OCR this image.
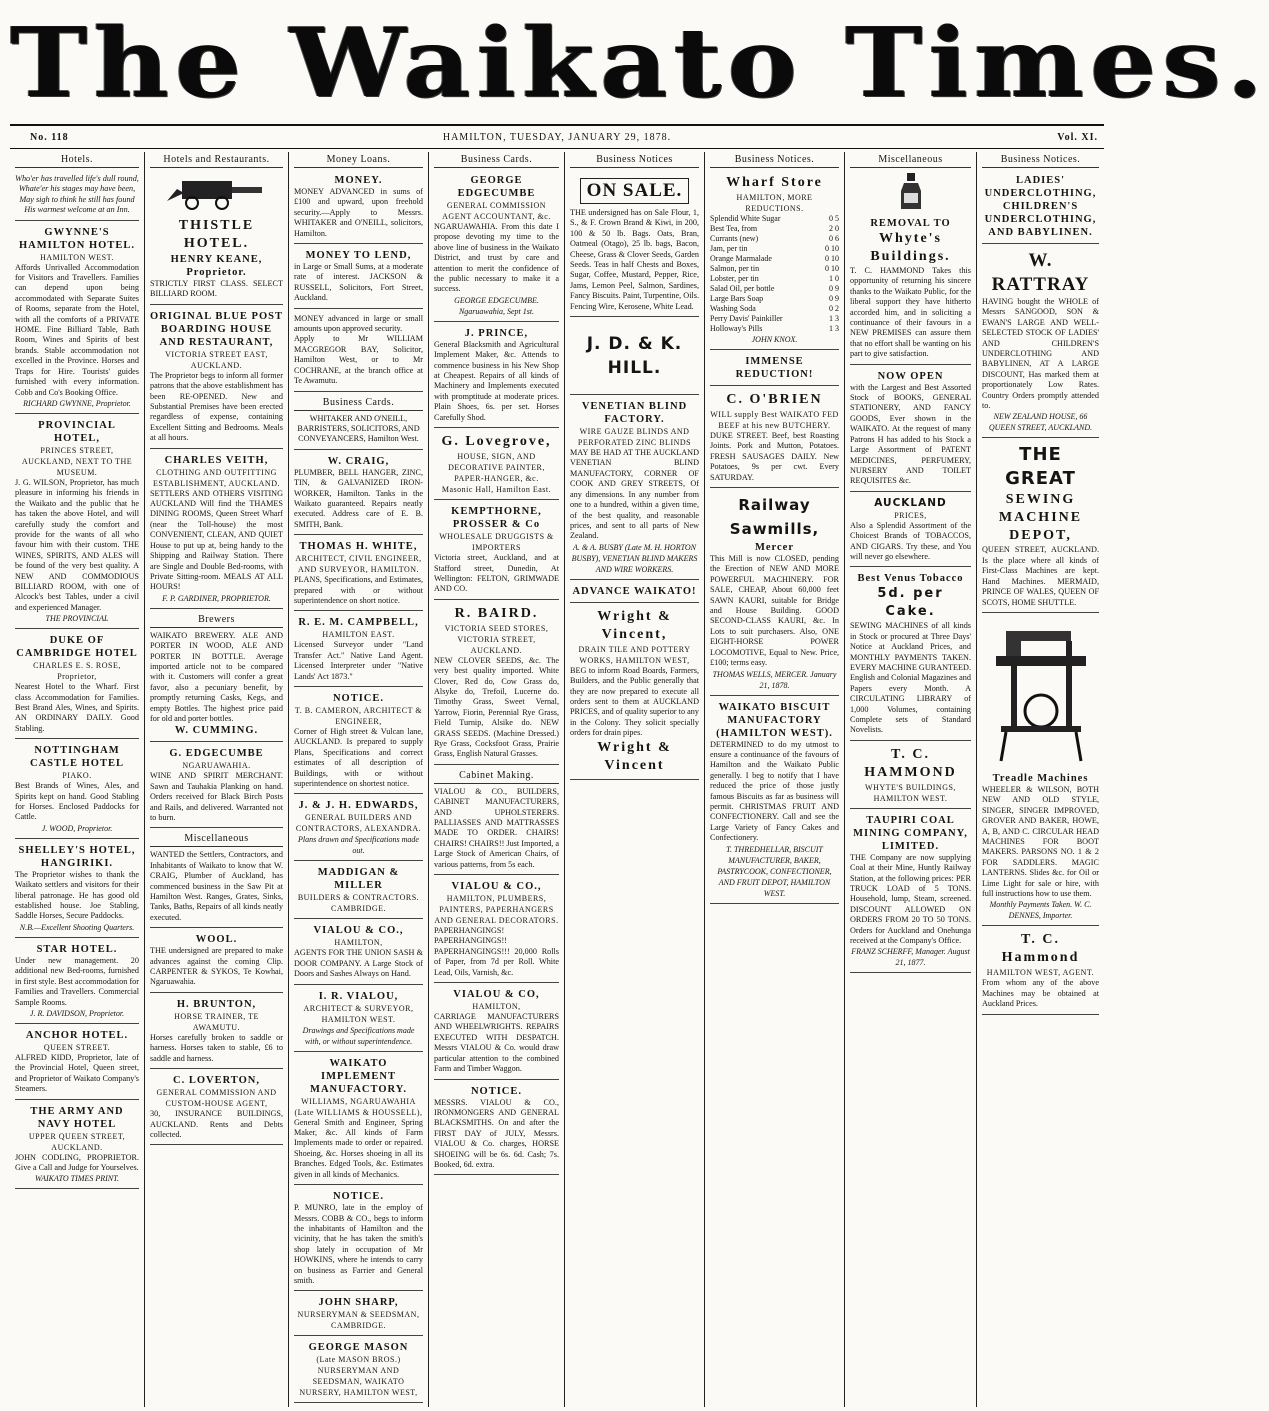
The Waikato Times.
No. 118	HAMILTON, TUESDAY, JANUARY 29, 1878.	Vol. XI.
Hotels.
Who'er has travelled life's dull round, Whate'er his stages may have been, May sigh to think he still has found His warmest welcome at an Inn.
GWYNNE'S HAMILTON HOTEL.
HAMILTON WEST.
Affords Unrivalled Accommodation for Visitors and Travellers. Families can depend upon being accommodated with Separate Suites of Rooms, separate from the Hotel, with all the comforts of a PRIVATE HOME. Fine Billiard Table, Bath Room, Wines and Spirits of best brands. Stable accommodation not excelled in the Province. Horses and Traps for Hire. Tourists' guides furnished with every information. Cobb and Co's Booking Office.
RICHARD GWYNNE, Proprietor.
PROVINCIAL HOTEL,
PRINCES STREET, AUCKLAND, NEXT TO THE MUSEUM.
J. G. WILSON, Proprietor, has much pleasure in informing his friends in the Waikato and the public that he has taken the above Hotel, and will carefully study the comfort and provide for the wants of all who favour him with their custom. THE WINES, SPIRITS, AND ALES will be found of the very best quality. A NEW AND COMMODIOUS BILLIARD ROOM, with one of Alcock's best Tables, under a civil and experienced Manager.
THE PROVINCIAL
DUKE OF CAMBRIDGE HOTEL
CHARLES E. S. ROSE, Proprietor,
Nearest Hotel to the Wharf. First class Accommodation for Families. Best Brand Ales, Wines, and Spirits. AN ORDINARY DAILY. Good Stabling.
NOTTINGHAM CASTLE HOTEL
PIAKO.
Best Brands of Wines, Ales, and Spirits kept on hand. Good Stabling for Horses. Enclosed Paddocks for Cattle.
J. WOOD, Proprietor.
SHELLEY'S HOTEL, HANGIRIKI.
The Proprietor wishes to thank the Waikato settlers and visitors for their liberal patronage. He has good old established house. Joe Stabling, Saddle Horses, Secure Paddocks.
N.B.—Excellent Shooting Quarters.
STAR HOTEL.
Under new management. 20 additional new Bed-rooms, furnished in first style. Best accommodation for Families and Travellers. Commercial Sample Rooms.
J. R. DAVIDSON, Proprietor.
ANCHOR HOTEL.
QUEEN STREET.
ALFRED KIDD, Proprietor, late of the Provincial Hotel, Queen street, and Proprietor of Waikato Company's Steamers.
THE ARMY AND NAVY HOTEL
UPPER QUEEN STREET, AUCKLAND.
JOHN CODLING, PROPRIETOR. Give a Call and Judge for Yourselves.
WAIKATO TIMES PRINT.
Hotels and Restaurants.
THISTLE HOTEL.
HENRY KEANE, Proprietor.
STRICTLY FIRST CLASS. SELECT BILLIARD ROOM.
ORIGINAL BLUE POST BOARDING HOUSE AND RESTAURANT,
VICTORIA STREET EAST, AUCKLAND.
The Proprietor begs to inform all former patrons that the above establishment has been RE-OPENED. New and Substantial Premises have been erected regardless of expense, containing Excellent Sitting and Bedrooms. Meals at all hours.
CHARLES VEITH,
CLOTHING AND OUTFITTING ESTABLISHMENT, AUCKLAND.
SETTLERS AND OTHERS VISITING AUCKLAND Will find the THAMES DINING ROOMS, Queen Street Wharf (near the Toll-house) the most CONVENIENT, CLEAN, AND QUIET House to put up at, being handy to the Shipping and Railway Station. There are Single and Double Bed-rooms, with Private Sitting-room. MEALS AT ALL HOURS!
F. P. GARDINER, PROPRIETOR.
Brewers
WAIKATO BREWERY. ALE AND PORTER IN WOOD, ALE AND PORTER IN BOTTLE. Average imported article not to be compared with it. Customers will confer a great favor, also a pecuniary benefit, by promptly returning Casks, Kegs, and empty Bottles. The highest price paid for old and porter bottles.
W. CUMMING.
G. EDGECUMBE
NGARUAWAHIA.
WINE AND SPIRIT MERCHANT. Sawn and Tauhakia Planking on hand. Orders received for Black Birch Posts and Rails, and delivered. Warranted not to burn.
Miscellaneous
WANTED the Settlers, Contractors, and Inhabitants of Waikato to know that W. CRAIG, Plumber of Auckland, has commenced business in the Saw Pit at Hamilton West. Ranges, Grates, Sinks, Tanks, Baths, Repairs of all kinds neatly executed.
WOOL.
THE undersigned are prepared to make advances against the coming Clip. CARPENTER & SYKOS, Te Kowhai, Ngaruawahia.
H. BRUNTON,
HORSE TRAINER, TE AWAMUTU.
Horses carefully broken to saddle or harness. Horses taken to stable, £6 to saddle and harness.
C. LOVERTON,
GENERAL COMMISSION AND CUSTOM-HOUSE AGENT,
30, INSURANCE BUILDINGS, AUCKLAND. Rents and Debts collected.
Money Loans.
MONEY.
MONEY ADVANCED in sums of £100 and upward, upon freehold security.—Apply to Messrs. WHITAKER and O'NEILL, solicitors, Hamilton.
MONEY TO LEND,
in Large or Small Sums, at a moderate rate of interest. JACKSON & RUSSELL, Solicitors, Fort Street, Auckland.
MONEY advanced in large or small amounts upon approved security.
Apply to Mr WILLIAM MACGREGOR BAY, Solicitor, Hamilton West, or to Mr COCHRANE, at the branch office at Te Awamutu.
Business Cards.
WHITAKER AND O'NEILL, BARRISTERS, SOLICITORS, AND CONVEYANCERS, Hamilton West.
W. CRAIG,
PLUMBER, BELL HANGER, ZINC, TIN, & GALVANIZED IRON-WORKER, Hamilton. Tanks in the Waikato guaranteed. Repairs neatly executed. Address care of E. B. SMITH, Bank.
THOMAS H. WHITE,
ARCHITECT, CIVIL ENGINEER, AND SURVEYOR, HAMILTON.
PLANS, Specifications, and Estimates, prepared with or without superintendence on short notice.
R. E. M. CAMPBELL,
HAMILTON EAST.
Licensed Surveyor under "Land Transfer Act." Native Land Agent. Licensed Interpreter under "Native Lands' Act 1873."
NOTICE.
T. B. CAMERON, ARCHITECT & ENGINEER,
Corner of High street & Vulcan lane, AUCKLAND. Is prepared to supply Plans, Specifications and correct estimates of all description of Buildings, with or without superintendence on shortest notice.
J. & J. H. EDWARDS,
GENERAL BUILDERS AND CONTRACTORS, ALEXANDRA.
Plans drawn and Specifications made out.
MADDIGAN & MILLER
BUILDERS & CONTRACTORS.
CAMBRIDGE.
VIALOU & CO.,
HAMILTON,
AGENTS FOR THE UNION SASH & DOOR COMPANY. A Large Stock of Doors and Sashes Always on Hand.
I. R. VIALOU,
ARCHITECT & SURVEYOR, HAMILTON WEST.
Drawings and Specifications made with, or without superintendence.
WAIKATO IMPLEMENT MANUFACTORY.
WILLIAMS, NGARUAWAHIA (Late WILLIAMS & HOUSSELL),
General Smith and Engineer, Spring Maker, &c. All kinds of Farm Implements made to order or repaired. Shoeing, &c. Horses shoeing in all its Branches. Edged Tools, &c. Estimates given in all kinds of Mechanics.
NOTICE.
P. MUNRO, late in the employ of Messrs. COBB & CO., begs to inform the inhabitants of Hamilton and the vicinity, that he has taken the smith's shop lately in occupation of Mr HOWKINS, where he intends to carry on business as Farrier and General smith.
JOHN SHARP,
NURSERYMAN & SEEDSMAN,
CAMBRIDGE.
GEORGE MASON
(Late MASON BROS.)
NURSERYMAN AND SEEDSMAN, WAIKATO NURSERY, HAMILTON WEST,
Business Cards.
GEORGE EDGECUMBE
GENERAL COMMISSION AGENT ACCOUNTANT, &c.
NGARUAWAHIA. From this date I propose devoting my time to the above line of business in the Waikato District, and trust by care and attention to merit the confidence of the public necessary to make it a success.
GEORGE EDGECUMBE. Ngaruawahia, Sept 1st.
J. PRINCE,
General Blacksmith and Agricultural Implement Maker, &c. Attends to commence business in his New Shop at Cheapest. Repairs of all kinds of Machinery and Implements executed with promptitude at moderate prices. Plain Shoes, 6s. per set. Horses Carefully Shod.
G. Lovegrove,
HOUSE, SIGN, AND DECORATIVE PAINTER, PAPER-HANGER, &c.
Masonic Hall, Hamilton East.
KEMPTHORNE, PROSSER & Co
WHOLESALE DRUGGISTS & IMPORTERS
Victoria street, Auckland, and at Stafford street, Dunedin, At Wellington: FELTON, GRIMWADE AND CO.
R. BAIRD.
VICTORIA SEED STORES, VICTORIA STREET, AUCKLAND.
NEW CLOVER SEEDS, &c. The very best quality imported. White Clover, Red do, Cow Grass do, Alsyke do, Trefoil, Lucerne do. Timothy Grass, Sweet Vernal, Yarrow, Fiorin, Perennial Rye Grass, Field Turnip, Alsike do. NEW GRASS SEEDS. (Machine Dressed.) Rye Grass, Cocksfoot Grass, Prairie Grass, English Natural Grasses.
Cabinet Making.
VIALOU & CO., BUILDERS, CABINET MANUFACTURERS, AND UPHOLSTERERS. PALLIASSES AND MATTRASSES MADE TO ORDER. CHAIRS! CHAIRS! CHAIRS!! Just Imported, a Large Stock of American Chairs, of various patterns, from 5s each.
VIALOU & CO.,
HAMILTON, PLUMBERS, PAINTERS, PAPERHANGERS AND GENERAL DECORATORS.
PAPERHANGINGS! PAPERHANGINGS!! PAPERHANGINGS!!! 20,000 Rolls of Paper, from 7d per Roll. White Lead, Oils, Varnish, &c.
VIALOU & CO,
HAMILTON,
CARRIAGE MANUFACTURERS AND WHEELWRIGHTS. REPAIRS EXECUTED WITH DESPATCH. Messrs VIALOU & Co. would draw particular attention to the combined Farm and Timber Waggon.
NOTICE.
MESSRS. VIALOU & CO., IRONMONGERS AND GENERAL BLACKSMITHS. On and after the FIRST DAY of JULY, Messrs. VIALOU & Co. charges, HORSE SHOEING will be 6s. 6d. Cash; 7s. Booked, 6d. extra.
Business Notices
ON SALE.
THE undersigned has on Sale Flour, 1, S., & F. Crown Brand & Kiwi, in 200, 100 & 50 lb. Bags. Oats, Bran, Oatmeal (Otago), 25 lb. bags, Bacon, Cheese, Grass & Clover Seeds, Garden Seeds. Teas in half Chests and Boxes, Sugar, Coffee, Mustard, Pepper, Rice, Jams, Lemon Peel, Salmon, Sardines, Fancy Biscuits. Paint, Turpentine, Oils. Fencing Wire, Kerosene, White Lead.
J. D. & K. HILL.
VENETIAN BLIND FACTORY.
WIRE GAUZE BLINDS AND PERFORATED ZINC BLINDS
MAY BE HAD AT THE AUCKLAND VENETIAN BLIND MANUFACTORY, CORNER OF COOK AND GREY STREETS, Of any dimensions. In any number from one to a hundred, within a given time, of the best quality, and reasonable prices, and sent to all parts of New Zealand.
A. & A. BUSBY (Late M. H. HORTON BUSBY), VENETIAN BLIND MAKERS AND WIRE WORKERS.
ADVANCE WAIKATO!
Wright & Vincent,
DRAIN TILE AND POTTERY WORKS, HAMILTON WEST,
BEG to inform Road Boards, Farmers, Builders, and the Public generally that they are now prepared to execute all orders sent to them at AUCKLAND PRICES, and of quality superior to any in the Colony. They solicit specially orders for drain pipes.
Wright & Vincent
Business Notices.
Wharf Store
HAMILTON, MORE REDUCTIONS.
Splendid White Sugar	0 5
Best Tea, from	2 0
Currants (new)	0 6
Jam, per tin	0 10
Orange Marmalade	0 10
Salmon, per tin	0 10
Lobster, per tin	1 0
Salad Oil, per bottle	0 9
Large Bars Soap	0 9
Washing Soda	0 2
Perry Davis' Painkiller	1 3
Holloway's Pills	1 3
JOHN KNOX.
IMMENSE REDUCTION!
C. O'BRIEN
WILL supply Best WAIKATO FED BEEF at his new BUTCHERY.
DUKE STREET. Beef, best Roasting Joints. Pork and Mutton, Potatoes. FRESH SAUSAGES DAILY. New Potatoes, 9s per cwt. Every SATURDAY.
Railway Sawmills,
Mercer
This Mill is now CLOSED, pending the Erection of NEW AND MORE POWERFUL MACHINERY. FOR SALE, CHEAP, About 60,000 feet SAWN KAURI, suitable for Bridge and House Building. GOOD SECOND-CLASS KAURI, &c. In Lots to suit purchasers. Also, ONE EIGHT-HORSE POWER LOCOMOTIVE, Equal to New. Price, £100; terms easy.
THOMAS WELLS, MERCER. January 21, 1878.
WAIKATO BISCUIT MANUFACTORY (HAMILTON WEST).
DETERMINED to do my utmost to ensure a continuance of the favours of Hamilton and the Waikato Public generally. I beg to notify that I have reduced the price of those justly famous Biscuits as far as business will permit. CHRISTMAS FRUIT AND CONFECTIONERY. Call and see the Large Variety of Fancy Cakes and Confectionery.
T. THREDHELLAR, BISCUIT MANUFACTURER, BAKER, PASTRYCOOK, CONFECTIONER, AND FRUIT DEPOT, HAMILTON WEST.
Miscellaneous
REMOVAL TO
Whyte's Buildings.
T. C. HAMMOND Takes this opportunity of returning his sincere thanks to the Waikato Public, for the liberal support they have hitherto accorded him, and in soliciting a continuance of their favours in a NEW PREMISES can assure them that no effort shall be wanting on his part to give satisfaction.
NOW OPEN
with the Largest and Best Assorted Stock of BOOKS, GENERAL STATIONERY, AND FANCY GOODS, Ever shown in the WAIKATO. At the request of many Patrons H has added to his Stock a Large Assortment of PATENT MEDICINES, PERFUMERY, NURSERY AND TOILET REQUISITES &c.
AUCKLAND
PRICES,
Also a Splendid Assortment of the Choicest Brands of TOBACCOS, AND CIGARS. Try these, and You will never go elsewhere.
Best Venus Tobacco
5d. per Cake.
SEWING MACHINES of all kinds in Stock or procured at Three Days' Notice at Auckland Prices, and MONTHLY PAYMENTS TAKEN. EVERY MACHINE GURANTEED. English and Colonial Magazines and Papers every Month. A CIRCULATING LIBRARY of 1,000 Volumes, containing Complete sets of Standard Novelists.
T. C. HAMMOND
WHYTE'S BUILDINGS, HAMILTON WEST.
TAUPIRI COAL MINING COMPANY, LIMITED.
THE Company are now supplying Coal at their Mine, Huntly Railway Station, at the following prices: PER TRUCK LOAD of 5 TONS. Household, lump, Steam, screened. DISCOUNT ALLOWED ON ORDERS FROM 20 TO 50 TONS. Orders for Auckland and Onehunga received at the Company's Office.
FRANZ SCHERFF, Manager. August 21, 1877.
Business Notices.
LADIES' UNDERCLOTHING, CHILDREN'S UNDERCLOTHING, AND BABYLINEN.
W. RATTRAY
HAVING bought the WHOLE of Messrs SANGOOD, SON & EWAN'S LARGE AND WELL-SELECTED STOCK OF LADIES' AND CHILDREN'S UNDERCLOTHING AND BABYLINEN, AT A LARGE DISCOUNT, Has marked them at proportionately Low Rates. Country Orders promptly attended to.
NEW ZEALAND HOUSE, 66 QUEEN STREET, AUCKLAND.
THE GREAT
SEWING MACHINE DEPOT,
QUEEN STREET, AUCKLAND. Is the place where all kinds of First-Class Machines are kept. Hand Machines. MERMAID, PRINCE OF WALES, QUEEN OF SCOTS, HOME SHUTTLE.
Treadle Machines
WHEELER & WILSON, BOTH NEW AND OLD STYLE, SINGER, SINGER IMPROVED, GROVER AND BAKER, HOWE, A, B, AND C. CIRCULAR HEAD MACHINES FOR BOOT MAKERS. PARSONS NO. 1 & 2 FOR SADDLERS. MAGIC LANTERNS. Slides &c. for Oil or Lime Light for sale or hire, with full instructions how to use them.
Monthly Payments Taken. W. C. DENNES, Importer.
T. C. Hammond
HAMILTON WEST, AGENT.
From whom any of the above Machines may be obtained at Auckland Prices.
